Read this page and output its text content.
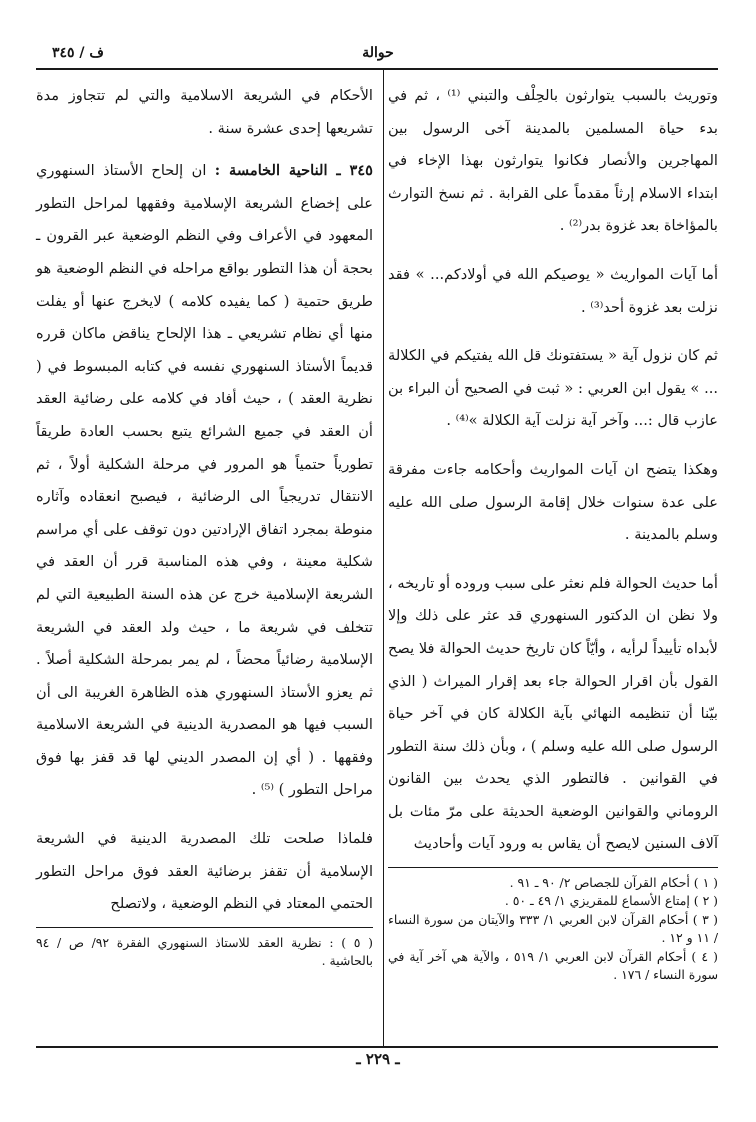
حوالة
ف / ٣٤٥

وتوريث بالسبب يتوارثون بالحِلْف والتبني ⁽¹⁾ ، ثم في بدء حياة المسلمين بالمدينة آخى الرسول بين المهاجرين والأنصار فكانوا يتوارثون بهذا الإخاء في ابتداء الاسلام إرثاً مقدماً على القرابة . ثم نسخ التوارث بالمؤاخاة بعد غزوة بدر⁽²⁾ .

أما آيات المواريث « يوصيكم الله في أولادكم... » فقد نزلت بعد غزوة أحد⁽³⁾ .

ثم كان نزول آية « يستفتونك قل الله يفتيكم في الكلالة ... » يقول ابن العربي : « ثبت في الصحيح أن البراء بن عازب قال :... وآخر آية نزلت آية الكلالة »⁽⁴⁾ .

وهكذا يتضح ان آيات المواريث وأحكامه جاءت مفرقة على عدة سنوات خلال إقامة الرسول صلى الله عليه وسلم بالمدينة .

أما حديث الحوالة فلم نعثر على سبب وروده أو تاريخه ، ولا نظن ان الدكتور السنهوري قد عثر على ذلك وإلا لأبداه تأييداً لرأيه ، وأيّاً كان تاريخ حديث الحوالة فلا يصح القول بأن اقرار الحوالة جاء بعد إقرار الميراث ( الذي بيّنا أن تنظيمه النهائي بآية الكلالة كان في آخر حياة الرسول صلى الله عليه وسلم ) ، وبأن ذلك سنة التطور في القوانين . فالتطور الذي يحدث بين القانون الروماني والقوانين الوضعية الحديثة على مرّ مئات بل آلاف السنين لايصح أن يقاس به ورود آيات وأحاديث

( ١ ) أحكام القرآن للجصاص ٢/ ٩٠ ـ ٩١ .

( ٢ ) إمتاع الأسماع للمقريزي ١/ ٤٩ ـ ٥٠ .

( ٣ ) أحكام القرآن لابن العربي ١/ ٣٣٣ والآيتان من سورة النساء / ١١ و ١٢ .

( ٤ ) أحكام القرآن لابن العربي ١/ ٥١٩ ، والآية هي آخر آية في سورة النساء / ١٧٦ .

الأحكام في الشريعة الاسلامية والتي لم تتجاوز مدة تشريعها إحدى عشرة سنة .

٣٤٥ ـ الناحية الخامسة : ان إلحاح الأستاذ السنهوري على إخضاع الشريعة الإسلامية وفقهها لمراحل التطور المعهود في الأعراف وفي النظم الوضعية عبر القرون ـ بحجة أن هذا التطور بواقع مراحله في النظم الوضعية هو طريق حتمية ( كما يفيده كلامه ) لايخرج عنها أو يفلت منها أي نظام تشريعي ـ هذا الإلحاح يناقض ماكان قرره قديماً الأستاذ السنهوري نفسه في كتابه المبسوط في ( نظرية العقد ) ، حيث أفاد في كلامه على رضائية العقد أن العقد في جميع الشرائع يتبع بحسب العادة طريقاً تطورياً حتمياً هو المرور في مرحلة الشكلية أولاً ، ثم الانتقال تدريجياً الى الرضائية ، فيصبح انعقاده وآثاره منوطة بمجرد اتفاق الإرادتين دون توقف على أي مراسم شكلية معينة ، وفي هذه المناسبة قرر أن العقد في الشريعة الإسلامية خرج عن هذه السنة الطبيعية التي لم تتخلف في شريعة ما ، حيث ولد العقد في الشريعة الإسلامية رضائياً محضاً ، لم يمر بمرحلة الشكلية أصلاً . ثم يعزو الأستاذ السنهوري هذه الظاهرة الغريبة الى أن السبب فيها هو المصدرية الدينية في الشريعة الاسلامية وفقهها . ( أي إن المصدر الديني لها قد قفز بها فوق مراحل التطور ) ⁽⁵⁾ .

فلماذا صلحت تلك المصدرية الدينية في الشريعة الإسلامية أن تقفز برضائية العقد فوق مراحل التطور الحتمي المعتاد في النظم الوضعية ، ولاتصلح

( ٥ ) : نظرية العقد للاستاذ السنهوري الفقرة ٩٢/ ص / ٩٤ بالحاشية .

ـ ٢٢٩ ـ
